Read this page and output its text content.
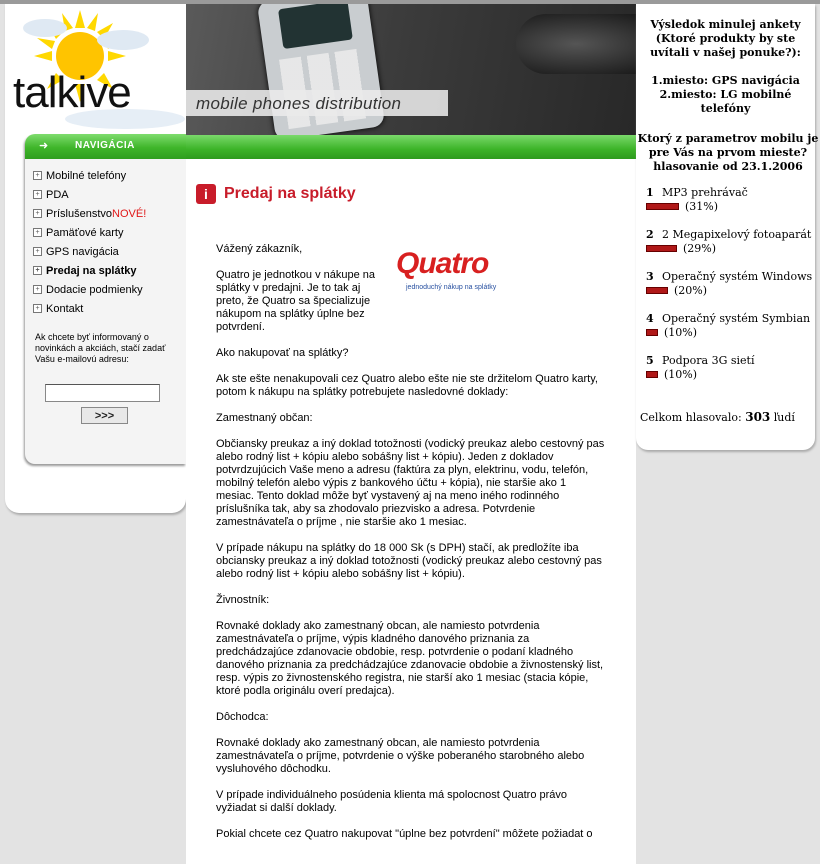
talkive
➜	NAVIGÁCIA
+ Mobilné telefóny
+ PDA
+ Príslušenstvo NOVÉ!
+ Pamäťové karty
+ GPS navigácia
+ Predaj na splátky
+ Dodacie podmienky
+ Kontakt
Ak chcete byť informovaný o novinkách a akciách, stačí zadať Vašu e-mailovú adresu:
>>>
mobile phones distribution
i	Predaj na splátky
Quatro
jednoduchý nákup na splátky

Vážený zákazník,

Quatro je jednotkou v nákupe na splátky v predajni. Je to tak aj preto, že Quatro sa špecializuje nákupom na splátky úplne bez potvrdení.

Ako nakupovať na splátky?

Ak ste ešte nenakupovali cez Quatro alebo ešte nie ste držitelom Quatro karty, potom k nákupu na splátky potrebujete nasledovné doklady:

Zamestnaný občan:

Občiansky preukaz a iný doklad totožnosti (vodický preukaz alebo cestovný pas alebo rodný list + kópiu alebo sobášny list + kópiu). Jeden z dokladov potvrdzujúcich Vaše meno a adresu (faktúra za plyn, elektrinu, vodu, telefón, mobilný telefón alebo výpis z bankového účtu + kópia), nie staršie ako 1 mesiac. Tento doklad môže byť vystavený aj na meno iného rodinného príslušníka tak, aby sa zhodovalo priezvisko a adresa. Potvrdenie zamestnávateľa o príjme , nie staršie ako 1 mesiac.

V prípade nákupu na splátky do 18 000 Sk (s DPH) stačí, ak predložíte iba obciansky preukaz a iný doklad totožnosti (vodický preukaz alebo cestovný pas alebo rodný list + kópiu alebo sobášny list + kópiu).

Živnostník:

Rovnaké doklady ako zamestnaný obcan, ale namiesto potvrdenia zamestnávateľa o príjme, výpis kladného danového priznania za predchádzajúce zdanovacie obdobie, resp. potvrdenie o podaní kladného danového priznania za predchádzajúce zdanovacie obdobie a živnostenský list, resp. výpis zo živnostenského registra, nie starší ako 1 mesiac (stacia kópie, ktoré podla originálu overí predajca).

Dôchodca:

Rovnaké doklady ako zamestnaný obcan, ale namiesto potvrdenia zamestnávateľa o príjme, potvrdenie o výške poberaného starobného alebo vysluhového dôchodku.

V prípade individuálneho posúdenia klienta má spolocnost Quatro právo vyžiadat si další doklady.

Pokial chcete cez Quatro nakupovat "úplne bez potvrdení" môžete požiadat o

Výsledok minulej ankety (Ktoré produkty by ste uvítali v našej ponuke?):
1.miesto: GPS navigácia
2.miesto: LG mobilné telefóny
Ktorý z parametrov mobilu je pre Vás na prvom mieste? hlasovanie od 23.1.2006
1 MP3 prehrávač
(31%)
2 2 Megapixelový fotoaparát
(29%)
3 Operačný systém Windows
(20%)
4 Operačný systém Symbian
(10%)
5 Podpora 3G sietí
(10%)
Celkom hlasovalo: 303 ľudí
